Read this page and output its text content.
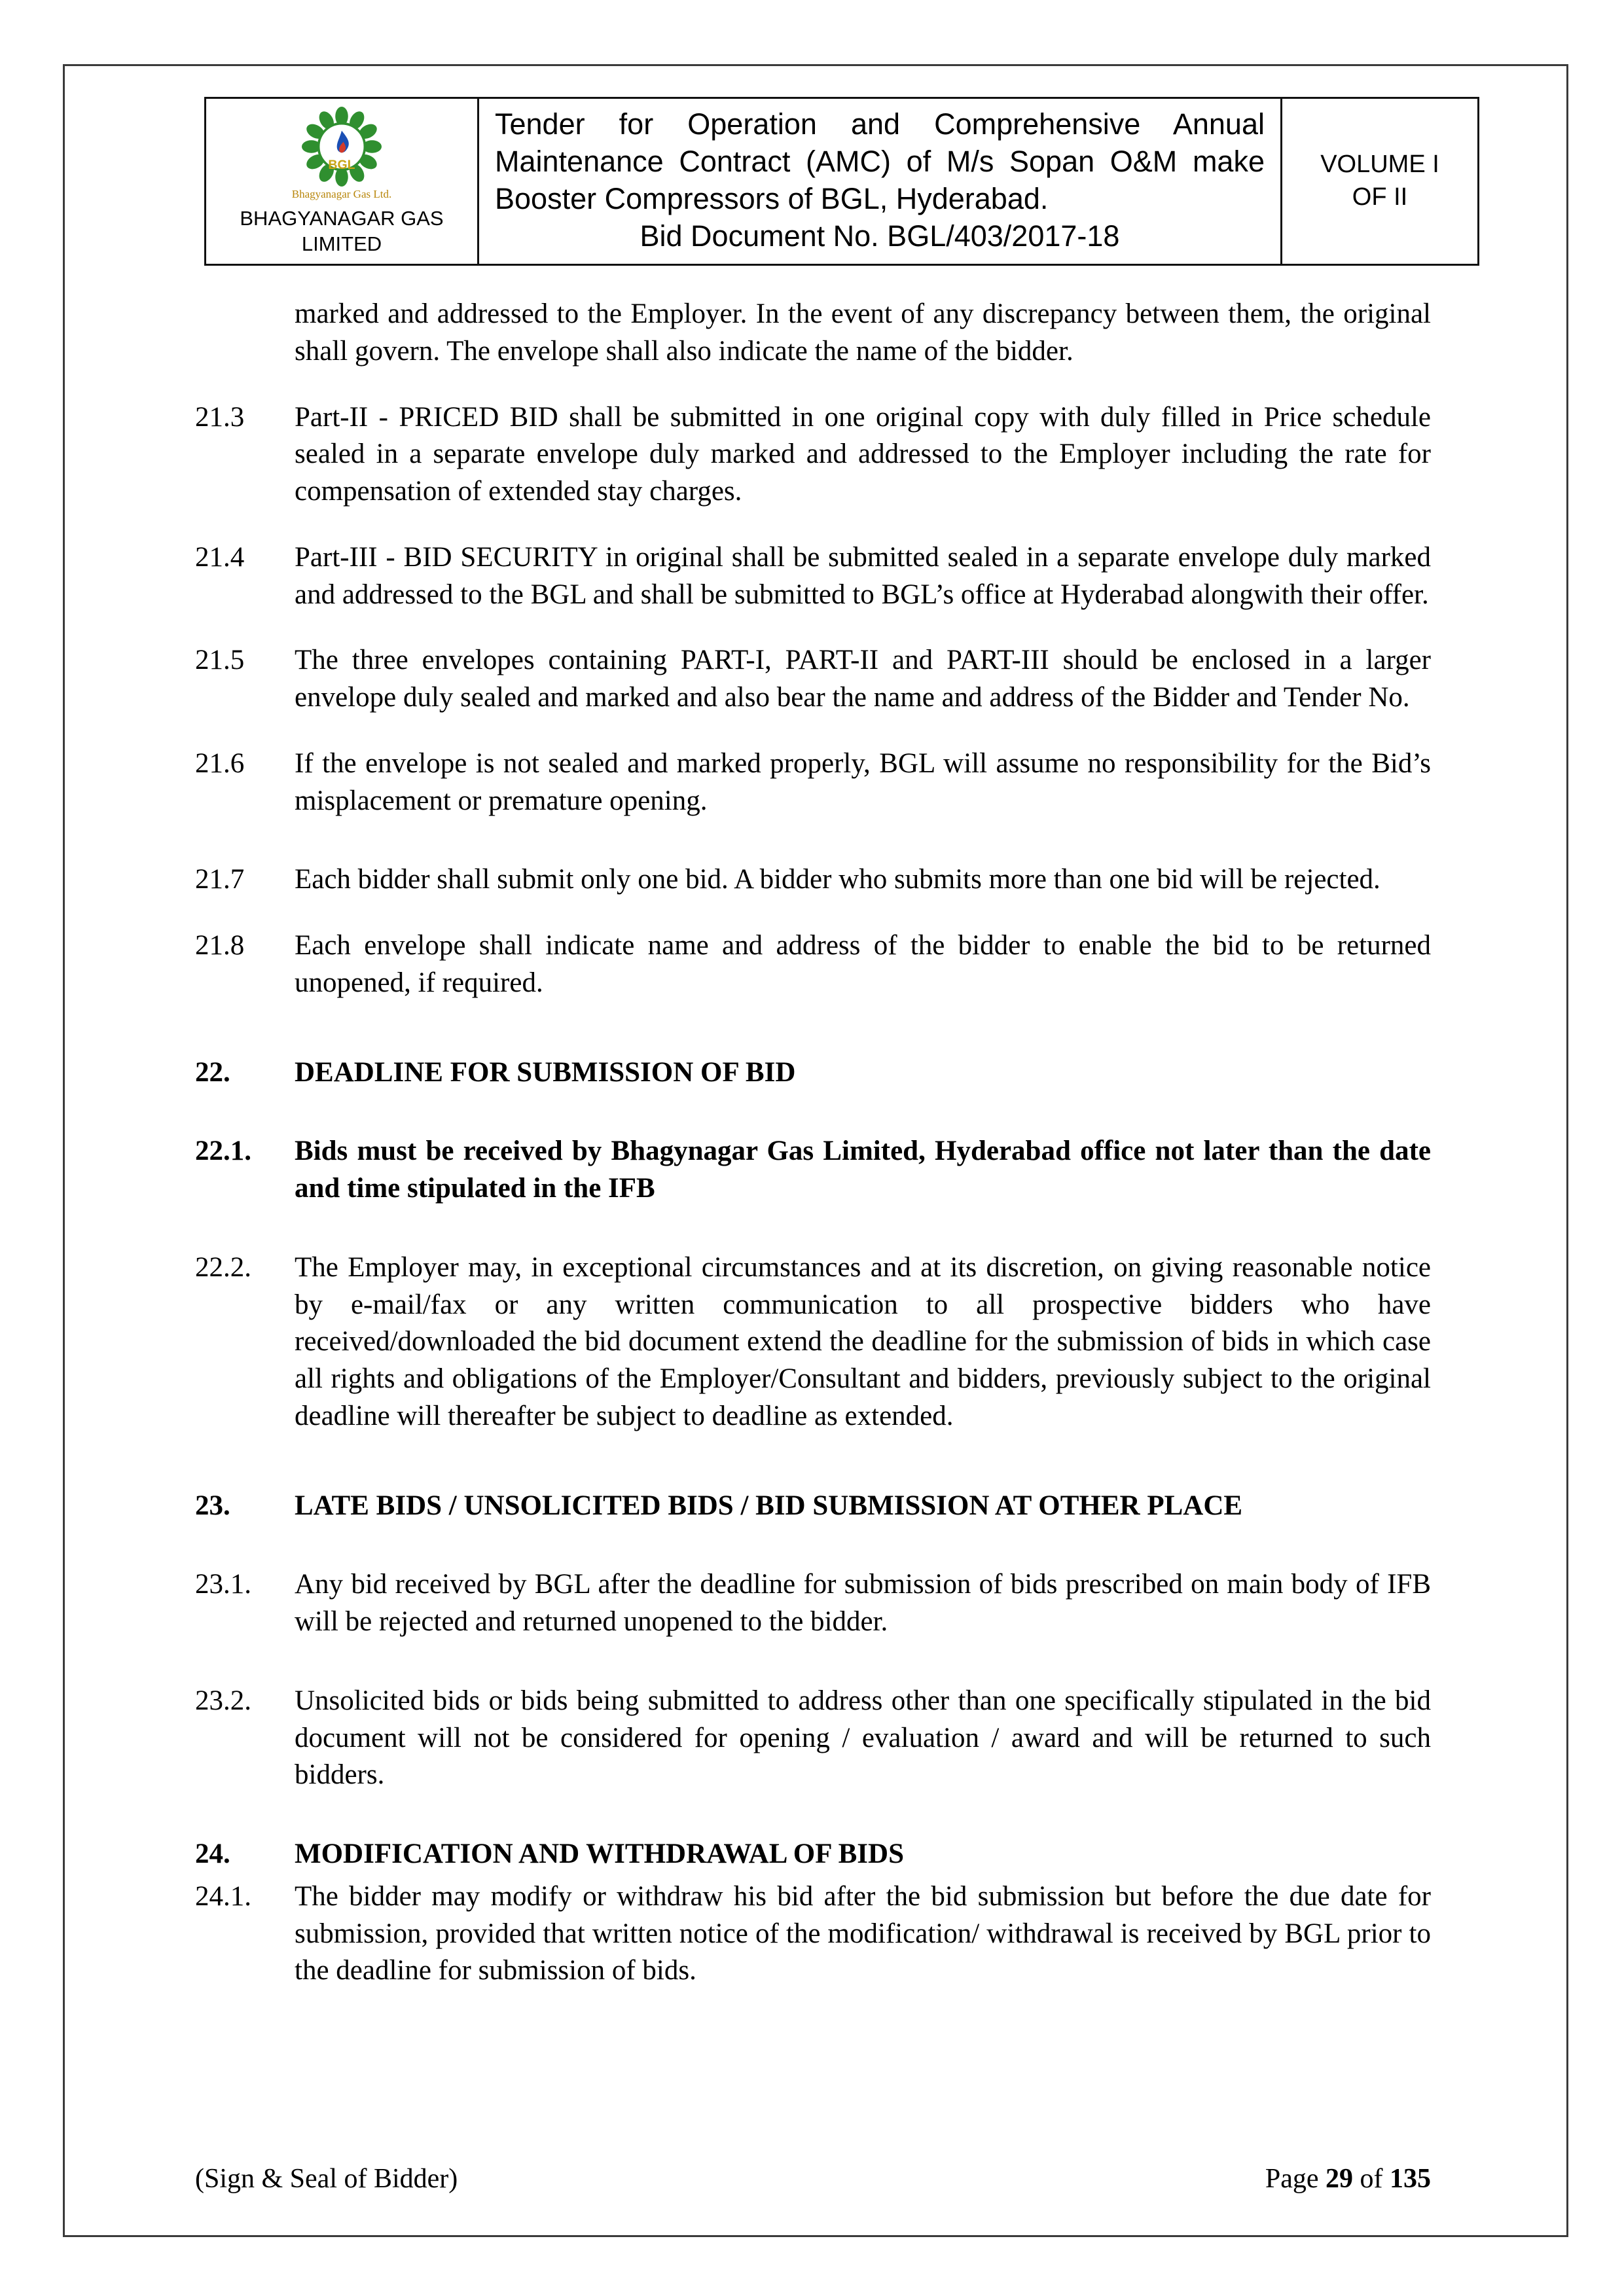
BGL
Bhagyanagar Gas Ltd.
BHAGYANAGAR GAS
LIMITED
Tender for Operation and Comprehensive Annual Maintenance Contract (AMC) of M/s Sopan O&M make Booster Compressors of BGL, Hyderabad.
Bid Document No. BGL/403/2017-18
VOLUME I
OF II
marked and addressed to the Employer. In the event of any discrepancy between them, the original shall govern. The envelope shall also indicate the name of the bidder.
21.3	Part-II - PRICED BID shall be submitted in one original copy with duly filled in Price schedule sealed in a separate envelope duly marked and addressed to the Employer including the rate for compensation of extended stay charges.
21.4	Part-III - BID SECURITY in original shall be submitted sealed in a separate envelope duly marked and addressed to the BGL and shall be submitted to BGL’s office at Hyderabad alongwith their offer.
21.5	The three envelopes containing PART-I, PART-II and PART-III should be enclosed in a larger envelope duly sealed and marked and also bear the name and address of the Bidder and Tender No.
21.6	If the envelope is not sealed and marked properly, BGL will assume no responsibility for the Bid’s misplacement or premature opening.
21.7	Each bidder shall submit only one bid. A bidder who submits more than one bid will be rejected.
21.8	Each envelope shall indicate name and address of the bidder to enable the bid to be returned unopened, if required.
22.	DEADLINE FOR SUBMISSION OF BID
22.1.	Bids must be received by Bhagynagar Gas Limited, Hyderabad office not later than the date and time stipulated in the IFB
22.2.	The Employer may, in exceptional circumstances and at its discretion, on giving reasonable notice by e-mail/fax or any written communication to all prospective bidders who have received/downloaded the bid document extend the deadline for the submission of bids in which case all rights and obligations of the Employer/Consultant and bidders, previously subject to the original deadline will thereafter be subject to deadline as extended.
23.	LATE BIDS / UNSOLICITED BIDS / BID SUBMISSION AT OTHER PLACE
23.1.	Any bid received by BGL after the deadline for submission of bids prescribed on main body of IFB will be rejected and returned unopened to the bidder.
23.2.	Unsolicited bids or bids being submitted to address other than one specifically stipulated in the bid document will not be considered for opening / evaluation / award and will be returned to such bidders.
24.	MODIFICATION AND WITHDRAWAL OF BIDS
24.1.	The bidder may modify or withdraw his bid after the bid submission but before the due date for submission, provided that written notice of the modification/ withdrawal is received by BGL prior to the deadline for submission of bids.
(Sign & Seal of Bidder)	Page 29 of 135
